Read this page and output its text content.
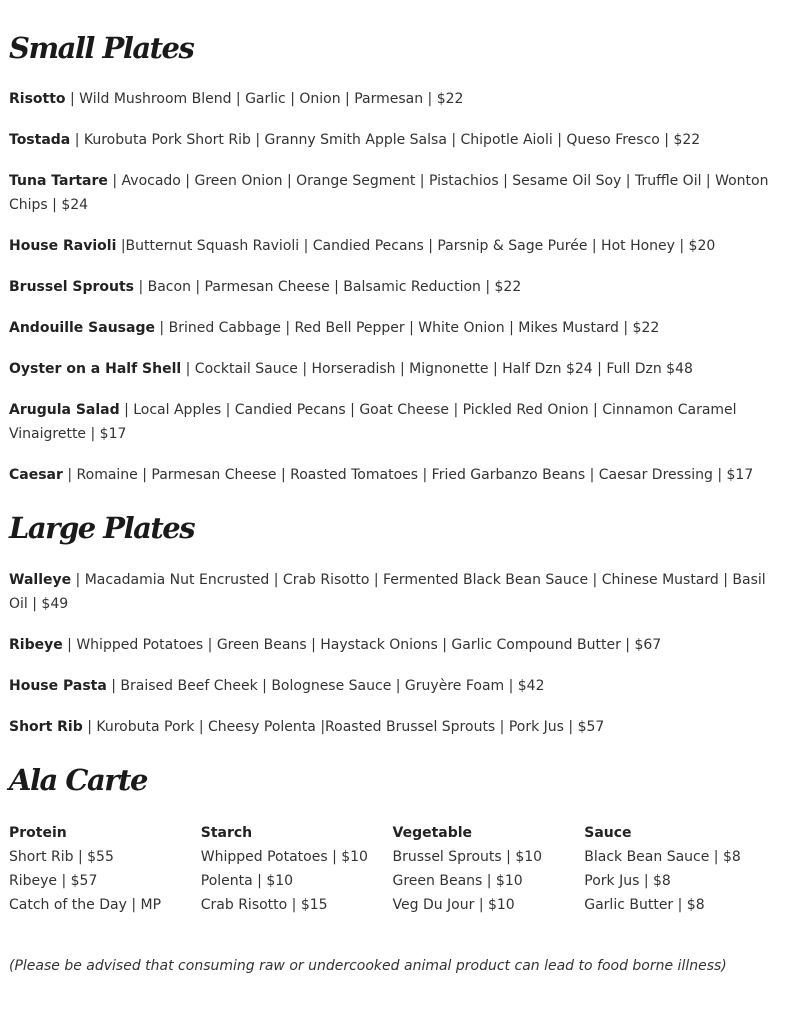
Small Plates

Risotto | Wild Mushroom Blend | Garlic | Onion | Parmesan | $22

Tostada | Kurobuta Pork Short Rib | Granny Smith Apple Salsa | Chipotle Aioli | Queso Fresco | $22

Tuna Tartare | Avocado | Green Onion | Orange Segment | Pistachios | Sesame Oil Soy | Truffle Oil | Wonton Chips | $24

House Ravioli |Butternut Squash Ravioli | Candied Pecans | Parsnip & Sage Purée | Hot Honey | $20

Brussel Sprouts | Bacon | Parmesan Cheese | Balsamic Reduction | $22

Andouille Sausage | Brined Cabbage | Red Bell Pepper | White Onion | Mikes Mustard | $22

Oyster on a Half Shell | Cocktail Sauce | Horseradish | Mignonette | Half Dzn $24 | Full Dzn $48

Arugula Salad | Local Apples | Candied Pecans | Goat Cheese | Pickled Red Onion | Cinnamon Caramel Vinaigrette | $17

Caesar | Romaine | Parmesan Cheese | Roasted Tomatoes | Fried Garbanzo Beans | Caesar Dressing | $17

Large Plates

Walleye | Macadamia Nut Encrusted | Crab Risotto | Fermented Black Bean Sauce | Chinese Mustard | Basil Oil | $49

Ribeye | Whipped Potatoes | Green Beans | Haystack Onions | Garlic Compound Butter | $67

House Pasta | Braised Beef Cheek | Bolognese Sauce | Gruyère Foam | $42

Short Rib | Kurobuta Pork | Cheesy Polenta |Roasted Brussel Sprouts | Pork Jus | $57

Ala Carte
Protein
Short Rib | $55
Ribeye | $57
Catch of the Day | MP
Starch
Whipped Potatoes | $10
Polenta | $10
Crab Risotto | $15
Vegetable
Brussel Sprouts | $10
Green Beans | $10
Veg Du Jour | $10
Sauce
Black Bean Sauce | $8
Pork Jus | $8
Garlic Butter | $8

(Please be advised that consuming raw or undercooked animal product can lead to food borne illness)
